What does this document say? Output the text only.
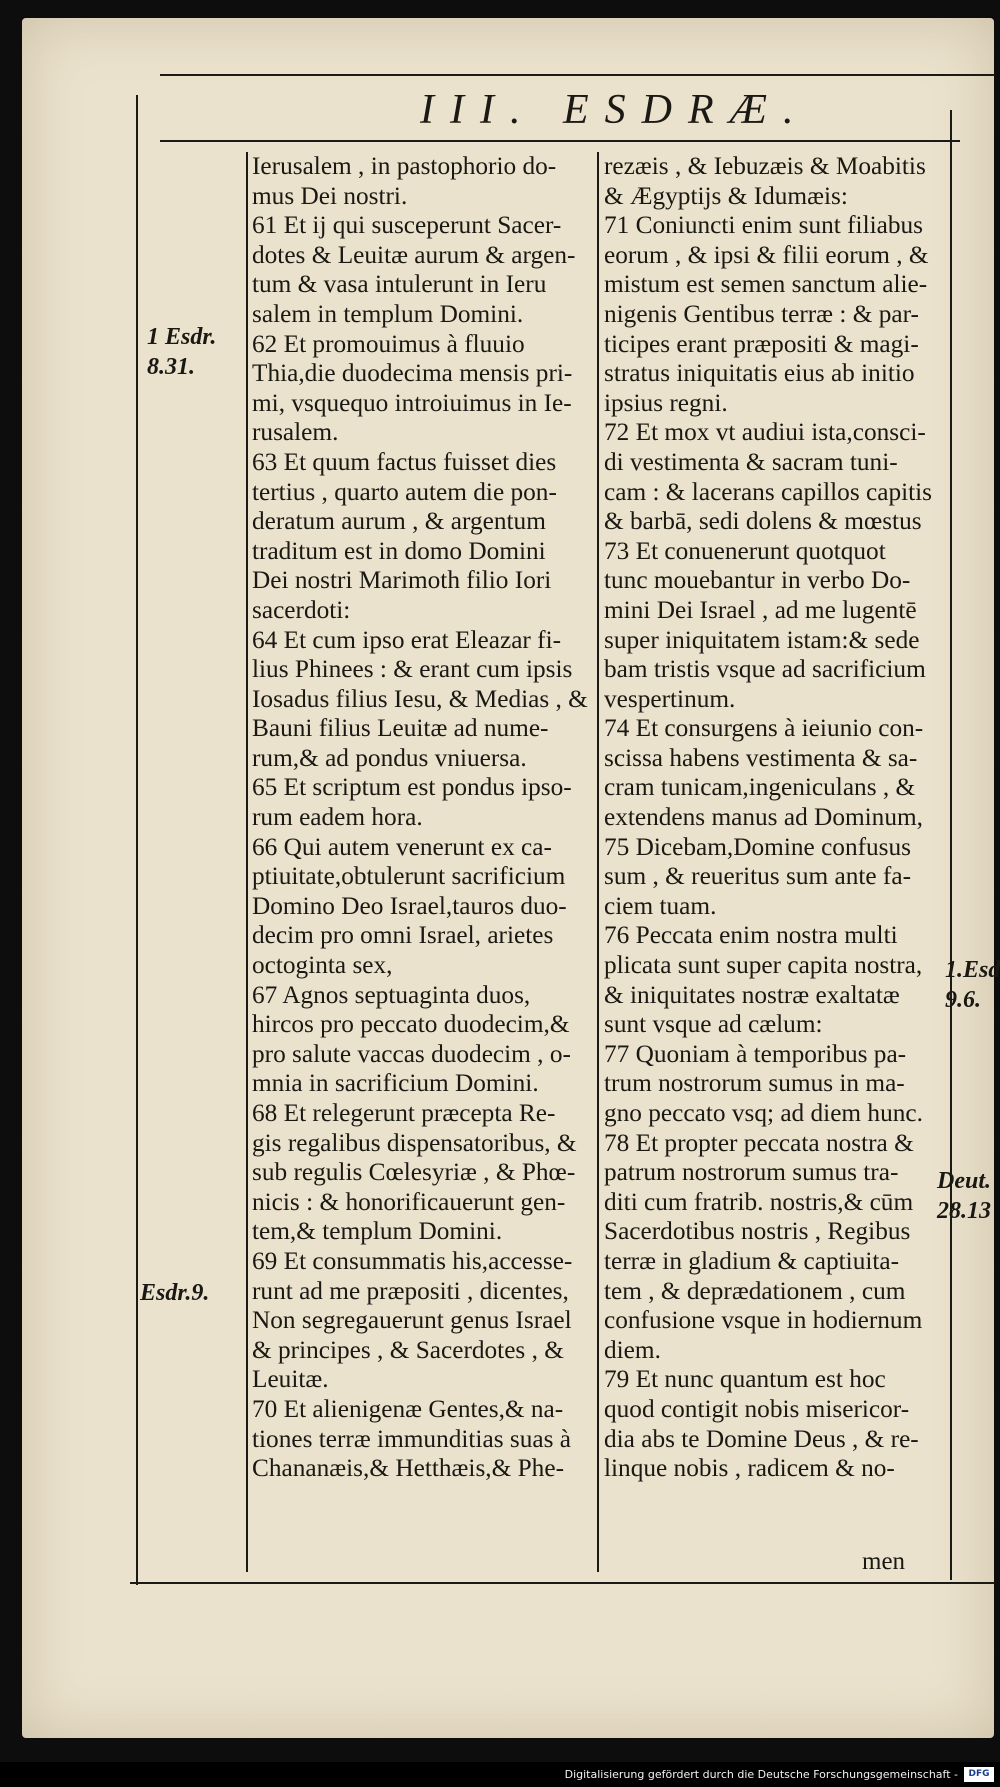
III. ESDRÆ.
1 Esdr.
8.31.
Esdr.9.
1.Esd
9.6.
Deut.
28.13
Ierusalem , in pastophorio do-
mus Dei nostri.
61 Et ij qui susceperunt Sacer-
dotes & Leuitæ aurum & argen-
tum & vasa intulerunt in Ieru
salem in templum Domini.
62 Et promouimus à fluuio
Thia,die duodecima mensis pri-
mi, vsquequo introiuimus in Ie-
rusalem.
63 Et quum factus fuisset dies
tertius , quarto autem die pon-
deratum aurum , & argentum
traditum est in domo Domini
Dei nostri Marimoth filio Iori
sacerdoti:
64 Et cum ipso erat Eleazar fi-
lius Phinees : & erant cum ipsis
Iosadus filius Iesu, & Medias , &
Bauni filius Leuitæ ad nume-
rum,& ad pondus vniuersa.
65 Et scriptum est pondus ipso-
rum eadem hora.
66 Qui autem venerunt ex ca-
ptiuitate,obtulerunt sacrificium
Domino Deo Israel,tauros duo-
decim pro omni Israel, arietes
octoginta sex,
67 Agnos septuaginta duos,
hircos pro peccato duodecim,&
pro salute vaccas duodecim , o-
mnia in sacrificium Domini.
68 Et relegerunt præcepta Re-
gis regalibus dispensatoribus, &
sub regulis Cœlesyriæ , & Phœ-
nicis : & honorificauerunt gen-
tem,& templum Domini.
69 Et consummatis his,accesse-
runt ad me præpositi , dicentes,
Non segregauerunt genus Israel
& principes , & Sacerdotes , &
Leuitæ.
70 Et alienigenæ Gentes,& na-
tiones terræ immunditias suas à
Chananæis,& Hetthæis,& Phe-
rezæis , & Iebuzæis & Moabitis
& Ægyptijs & Idumæis:
71 Coniuncti enim sunt filiabus
eorum , & ipsi & filii eorum , &
mistum est semen sanctum alie-
nigenis Gentibus terræ : & par-
ticipes erant præpositi & magi-
stratus iniquitatis eius ab initio
ipsius regni.
72 Et mox vt audiui ista,consci-
di vestimenta & sacram tuni-
cam : & lacerans capillos capitis
& barbā, sedi dolens & mœstus
73 Et conuenerunt quotquot
tunc mouebantur in verbo Do-
mini Dei Israel , ad me lugentē
super iniquitatem istam:& sede
bam tristis vsque ad sacrificium
vespertinum.
74 Et consurgens à ieiunio con-
scissa habens vestimenta & sa-
cram tunicam,ingeniculans , &
extendens manus ad Dominum,
75 Dicebam,Domine confusus
sum , & reueritus sum ante fa-
ciem tuam.
76 Peccata enim nostra multi
plicata sunt super capita nostra,
& iniquitates nostræ exaltatæ
sunt vsque ad cælum:
77 Quoniam à temporibus pa-
trum nostrorum sumus in ma-
gno peccato vsq; ad diem hunc.
78 Et propter peccata nostra &
patrum nostrorum sumus tra-
diti cum fratrib. nostris,& cūm
Sacerdotibus nostris , Regibus
terræ in gladium & captiuita-
tem , & deprædationem , cum
confusione vsque in hodiernum
diem.
79 Et nunc quantum est hoc
quod contigit nobis misericor-
dia abs te Domine Deus , & re-
linque nobis , radicem & no-
men
Digitalisierung gefördert durch die Deutsche Forschungsgemeinschaft -	DFG
